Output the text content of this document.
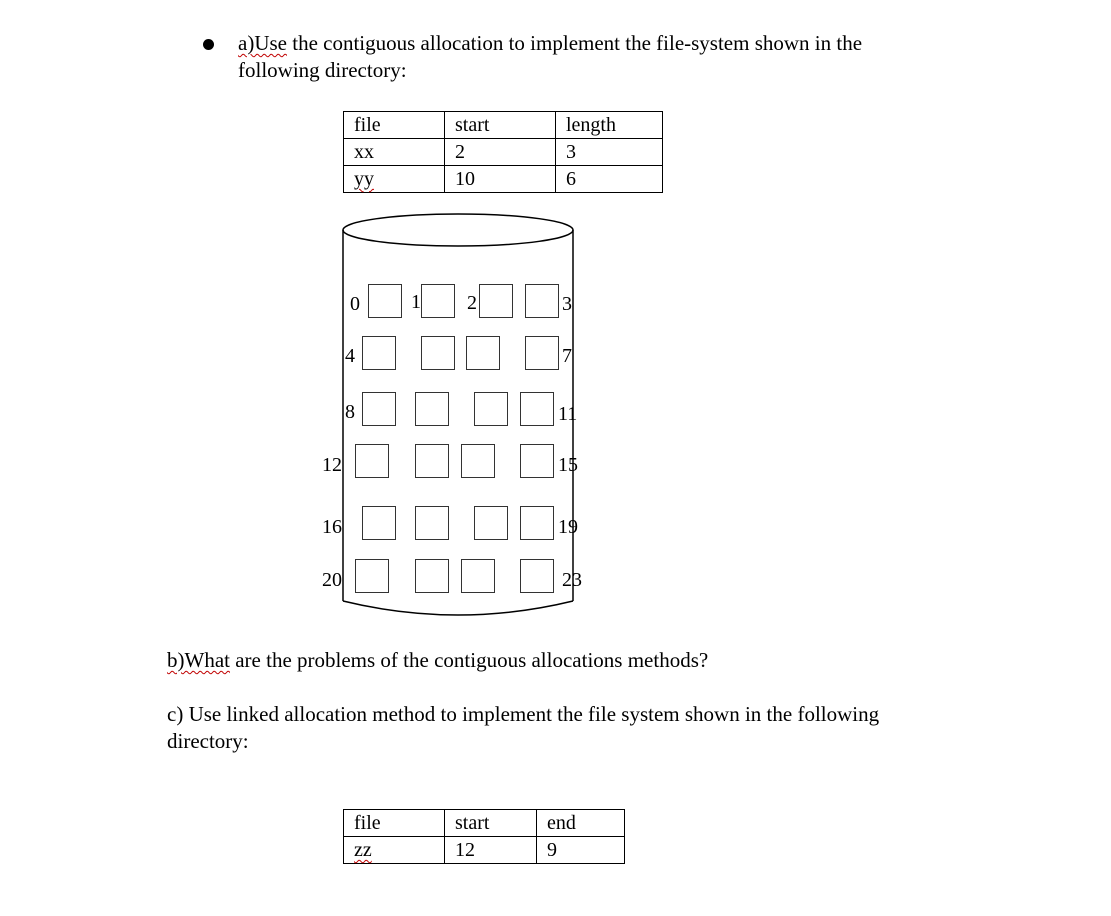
a)Use the contiguous allocation to implement the file-system shown in the
following directory:
file	start	length
xx	2	3
yy	10	6
0	1 2	3
4	7
8	11
12	15
16	19
20	23
b)What are the problems of the contiguous allocations methods?
c) Use linked allocation method to implement the file system shown in the following
directory:
file	start	end
zz	12	9
